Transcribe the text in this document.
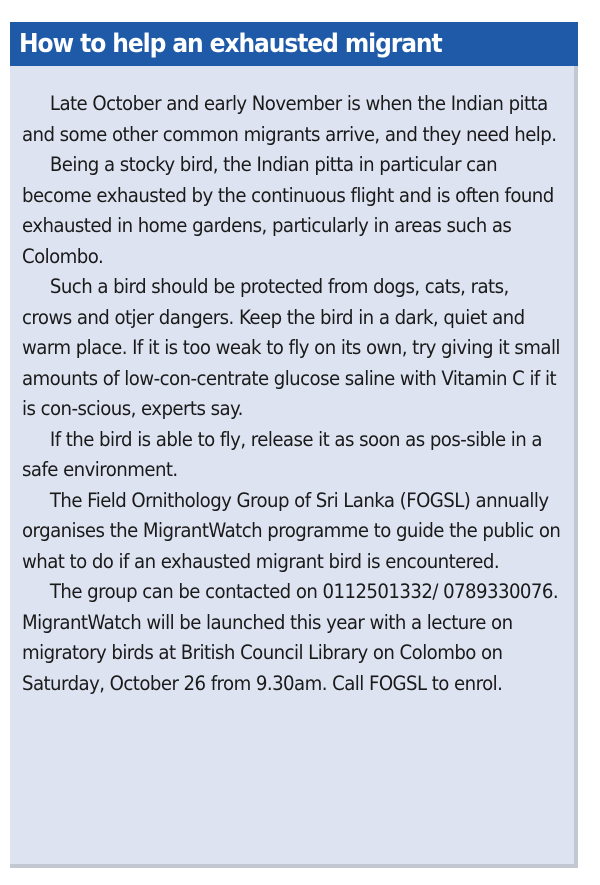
How to help an exhausted migrant

Late October and early November is when the Indian pitta and some other common migrants arrive, and they need help.

Being a stocky bird, the Indian pitta in particular can become exhausted by the continuous flight and is often found exhausted in home gardens, particularly in areas such as Colombo.

Such a bird should be protected from dogs, cats, rats, crows and otjer dangers. Keep the bird in a dark, quiet and warm place. If it is too weak to fly on its own, try giving it small amounts of low-con-centrate glucose saline with Vitamin C if it is con-scious, experts say.

If the bird is able to fly, release it as soon as pos-sible in a safe environment.

The Field Ornithology Group of Sri Lanka (FOGSL) annually organises the MigrantWatch programme to guide the public on what to do if an exhausted migrant bird is encountered.

The group can be contacted on 0112501332/ 0789330076. MigrantWatch will be launched this year with a lecture on migratory birds at British Council Library on Colombo on Saturday, October 26 from 9.30am. Call FOGSL to enrol.
